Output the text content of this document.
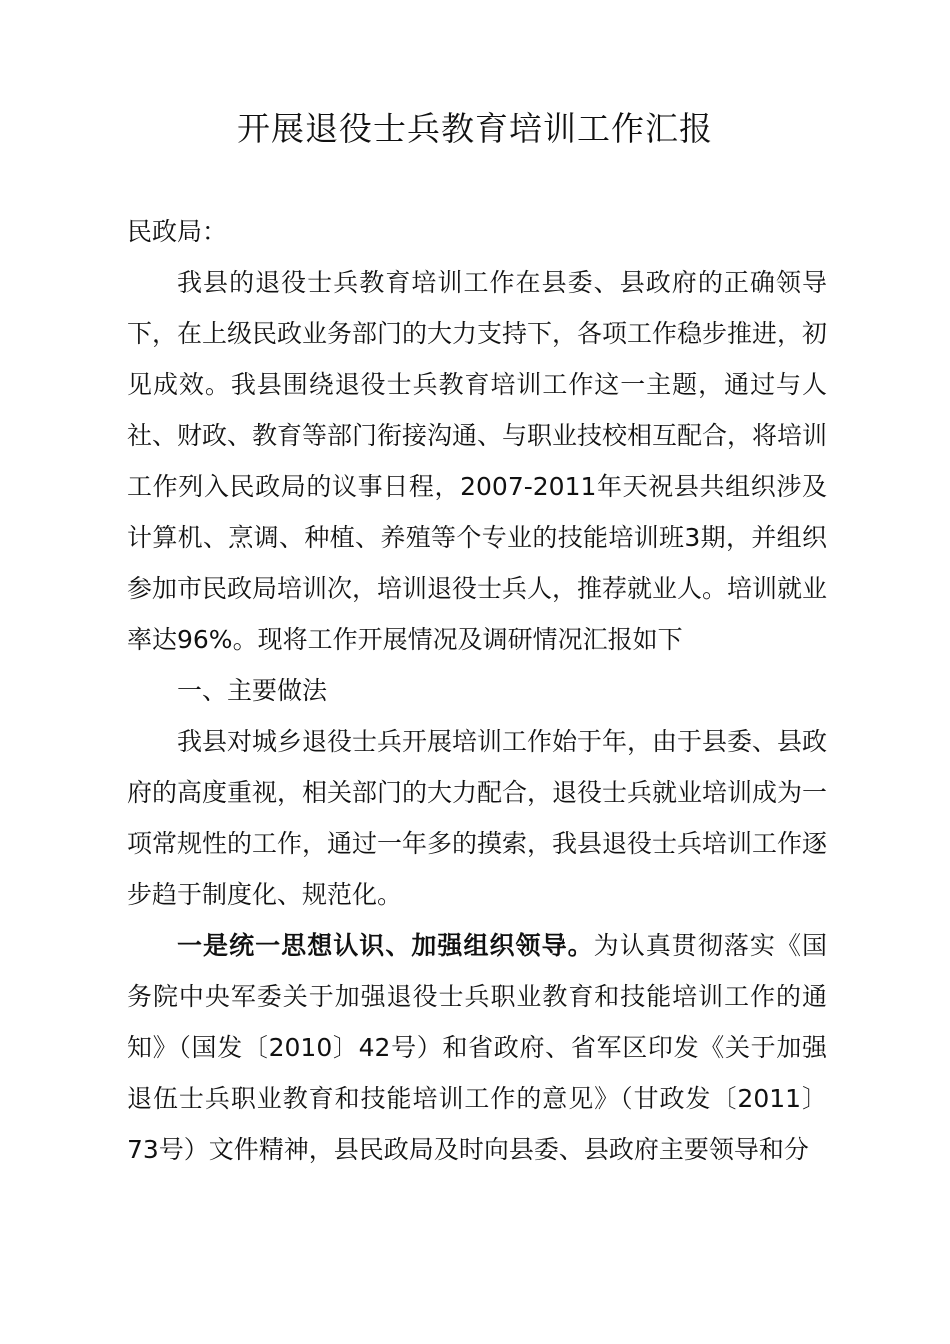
开展退役士兵教育培训工作汇报

民政局：

我县的退役士兵教育培训工作在县委、县政府的正确领导下，在上级民政业务部门的大力支持下，各项工作稳步推进，初见成效。我县围绕退役士兵教育培训工作这一主题，通过与人社、财政、教育等部门衔接沟通、与职业技校相互配合，将培训工作列入民政局的议事日程，2007-2011年天祝县共组织涉及计算机、烹调、种植、养殖等个专业的技能培训班3期，并组织参加市民政局培训次，培训退役士兵人，推荐就业人。培训就业率达96%。现将工作开展情况及调研情况汇报如下

一、主要做法

我县对城乡退役士兵开展培训工作始于年，由于县委、县政府的高度重视，相关部门的大力配合，退役士兵就业培训成为一项常规性的工作，通过一年多的摸索，我县退役士兵培训工作逐步趋于制度化、规范化。

一是统一思想认识、加强组织领导。为认真贯彻落实《国务院中央军委关于加强退役士兵职业教育和技能培训工作的通知》（国发〔2010〕42号）和省政府、省军区印发《关于加强退伍士兵职业教育和技能培训工作的意见》（甘政发〔2011〕73号）文件精神，县民政局及时向县委、县政府主要领导和分
